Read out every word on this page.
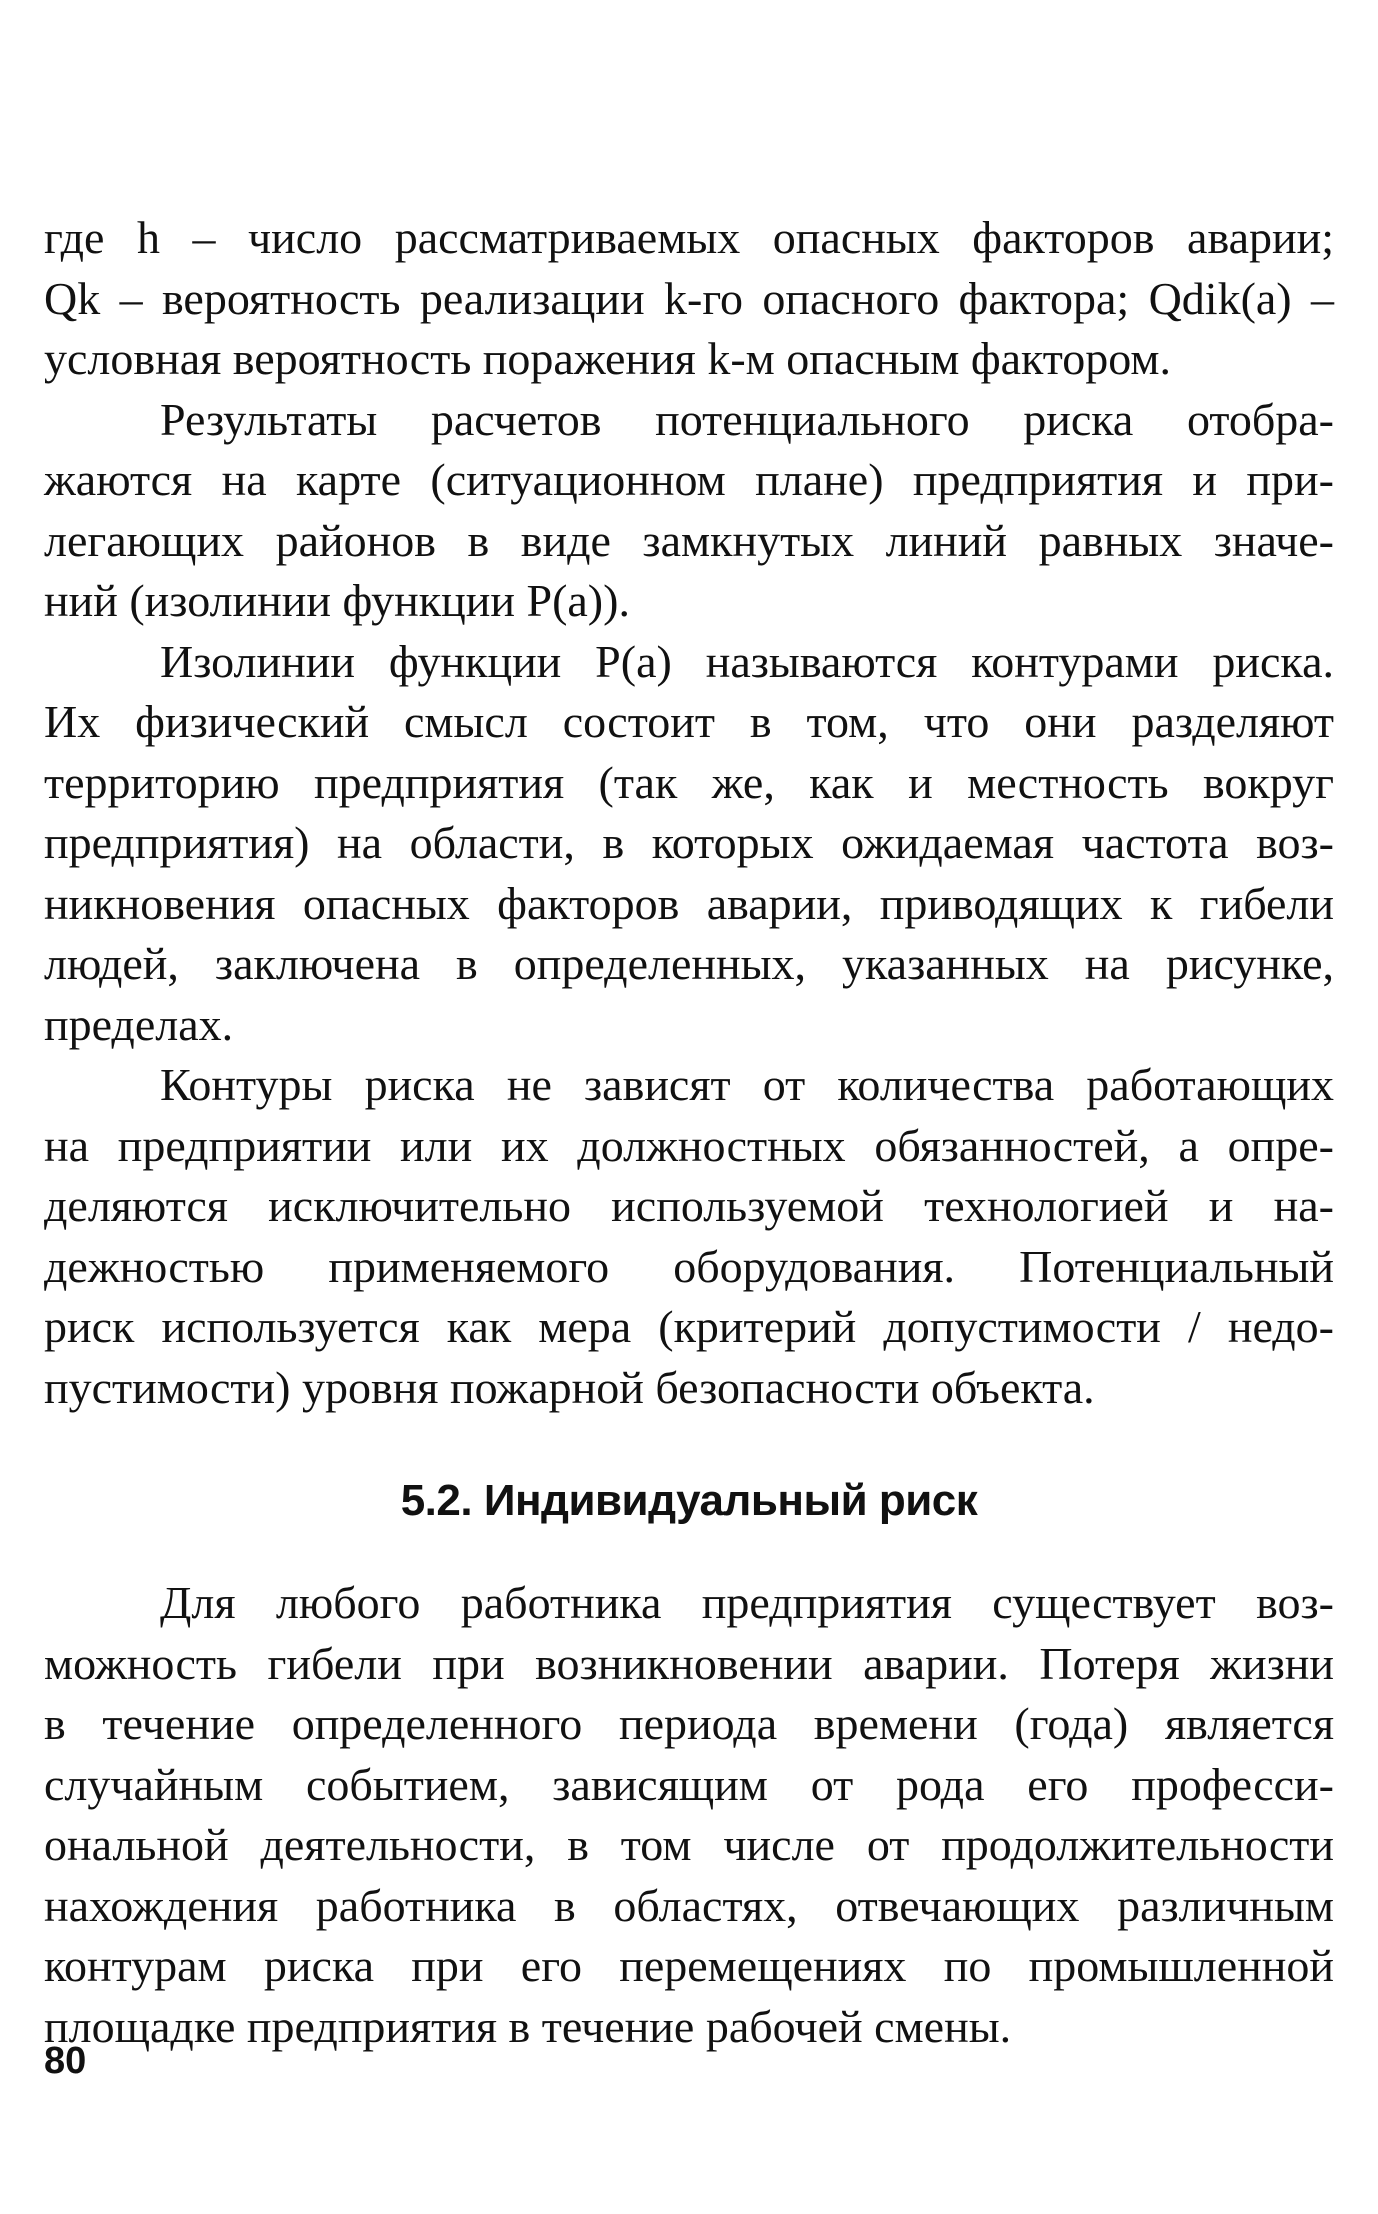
где h – число рассматриваемых опасных факторов аварии;
Qk – вероятность реализации k-го опасного фактора; Qdik(a) –
условная вероятность поражения k-м опасным фактором.
Результаты расчетов потенциального риска отобра-
жаются на карте (ситуационном плане) предприятия и при-
легающих районов в виде замкнутых линий равных значе-
ний (изолинии функции P(a)).
Изолинии функции P(a) называются контурами риска.
Их физический смысл состоит в том, что они разделяют
территорию предприятия (так же, как и местность вокруг
предприятия) на области, в которых ожидаемая частота воз-
никновения опасных факторов аварии, приводящих к гибели
людей, заключена в определенных, указанных на рисунке,
пределах.
Контуры риска не зависят от количества работающих
на предприятии или их должностных обязанностей, а опре-
деляются исключительно используемой технологией и на-
дежностью применяемого оборудования. Потенциальный
риск используется как мера (критерий допустимости / недо-
пустимости) уровня пожарной безопасности объекта.
5.2. Индивидуальный риск
Для любого работника предприятия существует воз-
можность гибели при возникновении аварии. Потеря жизни
в течение определенного периода времени (года) является
случайным событием, зависящим от рода его професси-
ональной деятельности, в том числе от продолжительности
нахождения работника в областях, отвечающих различным
контурам риска при его перемещениях по промышленной
площадке предприятия в течение рабочей смены.
80
